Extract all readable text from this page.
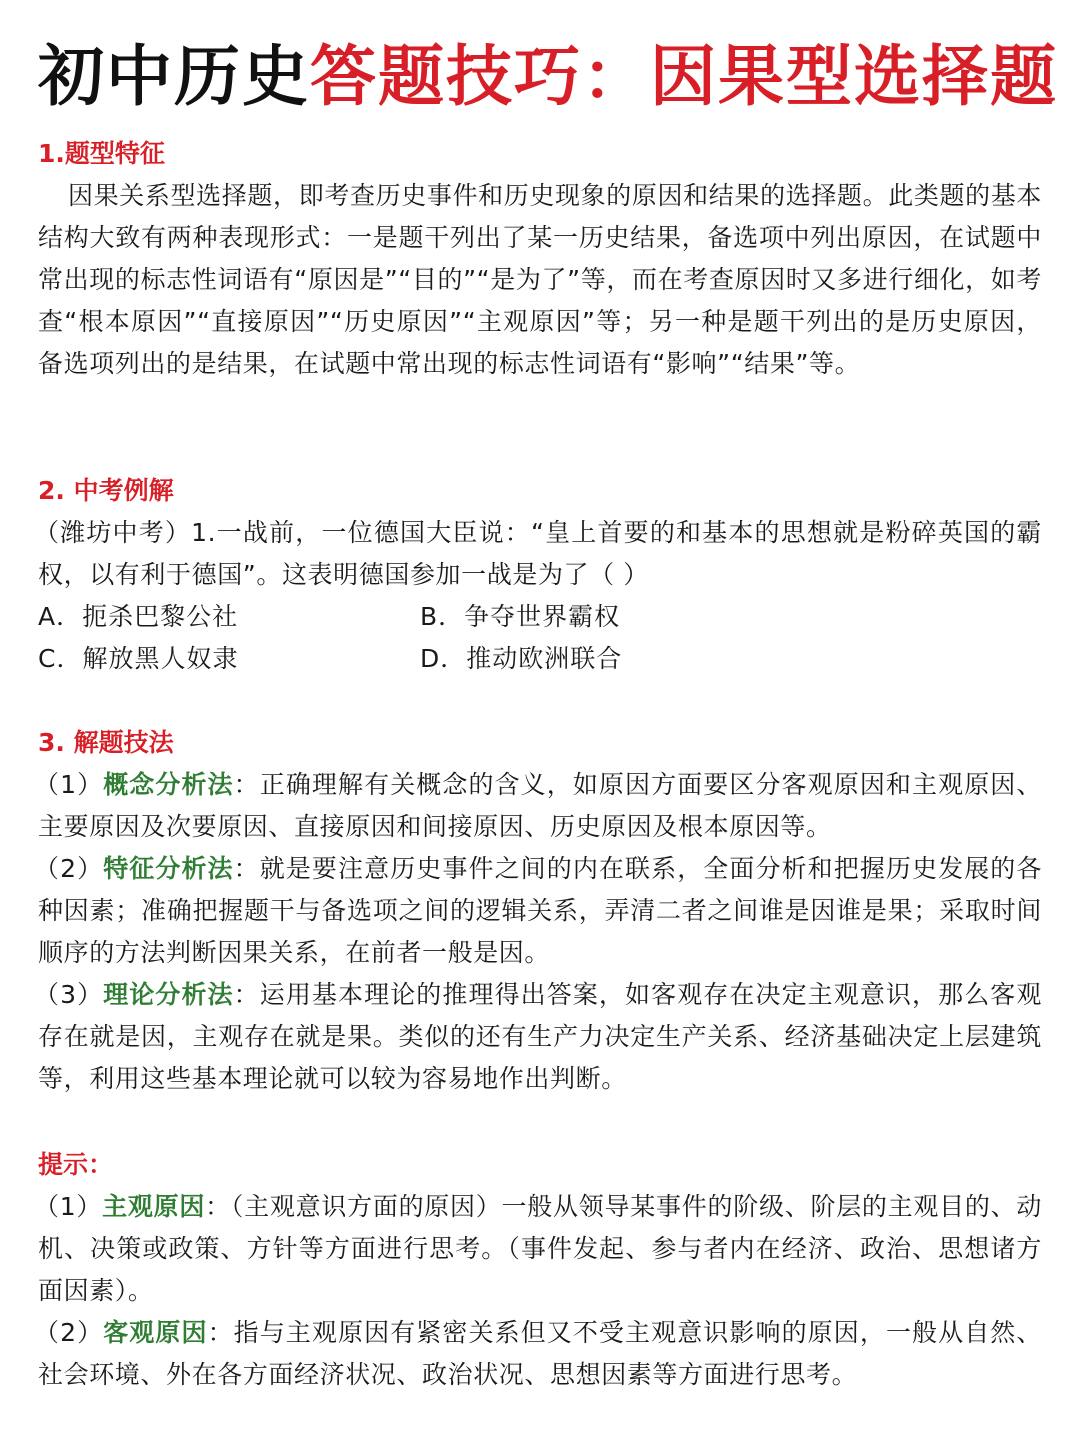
初中历史答题技巧：因果型选择题
1.题型特征
因果关系型选择题，即考查历史事件和历史现象的原因和结果的选择题。此类题的基本结构大致有两种表现形式：一是题干列出了某一历史结果，备选项中列出原因，在试题中常出现的标志性词语有“原因是”“目的”“是为了”等，而在考查原因时又多进行细化，如考查“根本原因”“直接原因”“历史原因”“主观原因”等；另一种是题干列出的是历史原因，备选项列出的是结果，在试题中常出现的标志性词语有“影响”“结果”等。
2. 中考例解
（潍坊中考）1.一战前，一位德国大臣说：“皇上首要的和基本的思想就是粉碎英国的霸权，以有利于德国”。这表明德国参加一战是为了（ ）
A．扼杀巴黎公社	B．争夺世界霸权
C．解放黑人奴隶	D．推动欧洲联合
3. 解题技法
（1）概念分析法：正确理解有关概念的含义，如原因方面要区分客观原因和主观原因、主要原因及次要原因、直接原因和间接原因、历史原因及根本原因等。
（2）特征分析法：就是要注意历史事件之间的内在联系，全面分析和把握历史发展的各种因素；准确把握题干与备选项之间的逻辑关系，弄清二者之间谁是因谁是果；采取时间顺序的方法判断因果关系，在前者一般是因。
（3）理论分析法：运用基本理论的推理得出答案，如客观存在决定主观意识，那么客观存在就是因，主观存在就是果。类似的还有生产力决定生产关系、经济基础决定上层建筑等，利用这些基本理论就可以较为容易地作出判断。
提示：
（1）主观原因：（主观意识方面的原因）一般从领导某事件的阶级、阶层的主观目的、动机、决策或政策、方针等方面进行思考。（事件发起、参与者内在经济、政治、思想诸方面因素）。
（2）客观原因：指与主观原因有紧密关系但又不受主观意识影响的原因，一般从自然、社会环境、外在各方面经济状况、政治状况、思想因素等方面进行思考。
